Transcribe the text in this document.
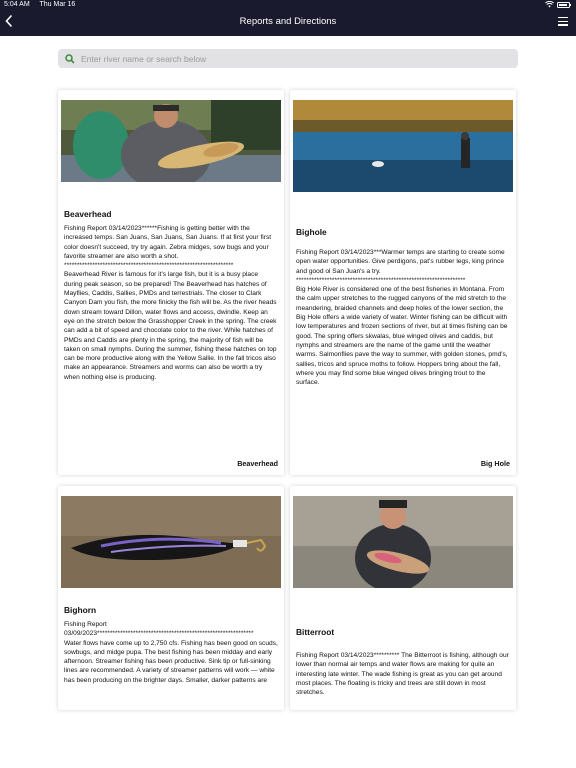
5:04 AM Thu Mar 16
Reports and Directions
Enter river name or search below
Beaverhead

Fishing Report 03/14/2023******Fishing is getting better with the increased temps. San Juans, San Juans, San Juans. If at first your first color doesn't succeed, try try again. Zebra midges, sow bugs and your favorite streamer are also worth a shot.

******************************************************************

Beaverhead River is famous for it's large fish, but it is a busy place during peak season, so be prepared! The Beaverhead has hatches of Mayflies, Caddis, Sallies, PMDs and terrestrials. The closer to Clark Canyon Dam you fish, the more finicky the fish will be. As the river heads down stream toward Dillon, water flows and access, dwindle. Keep an eye on the stretch below the Grasshopper Creek in the spring. The creek can add a bit of speed and chocolate color to the river. While hatches of PMDs and Caddis are plenty in the spring, the majority of fish will be taken on small nymphs. During the summer, fishing these hatches on top can be more productive along with the Yellow Sallie. In the fall tricos also make an appearance. Streamers and worms can also be worth a try when nothing else is producing.

Beaverhead
Bighole

Fishing Report 03/14/2023***Warmer temps are starting to create some open water opportunities. Give perdigons, pat's rubber legs, king prince and good ol San Juan's a try.

******************************************************************

Big Hole River is considered one of the best fisheries in Montana. From the calm upper stretches to the rugged canyons of the mid stretch to the meandering, braided channels and deep holes of the lower section, the Big Hole offers a wide variety of water. Winter fishing can be difficult with low temperatures and frozen sections of river, but at times fishing can be good. The spring offers skwalas, blue winged olives and caddis, but nymphs and streamers are the name of the game until the weather warms. Salmonflies pave the way to summer, with golden stones, pmd's, sallies, tricos and spruce moths to follow. Hoppers bring about the fall, where you may find some blue winged olives bringing trout to the surface.

Big Hole
Bighorn

Fishing Report

03/09/2023*************************************************************

Water flows have come up to 2,750 cfs. Fishing has been good on scuds, sowbugs, and midge pupa. The best fishing has been midday and early afternoon. Streamer fishing has been productive. Sink tip or full-sinking lines are recommended. A variety of streamer patterns will work — white has been producing on the brighter days. Smaller, darker patterns are

Bitterroot

Fishing Report 03/14/2023********** The Bitterroot is fishing, although our lower than normal air temps and water flows are making for quite an interesting late winter. The wade fishing is great as you can get around most places. The floating is tricky and trees are still down in most stretches.
